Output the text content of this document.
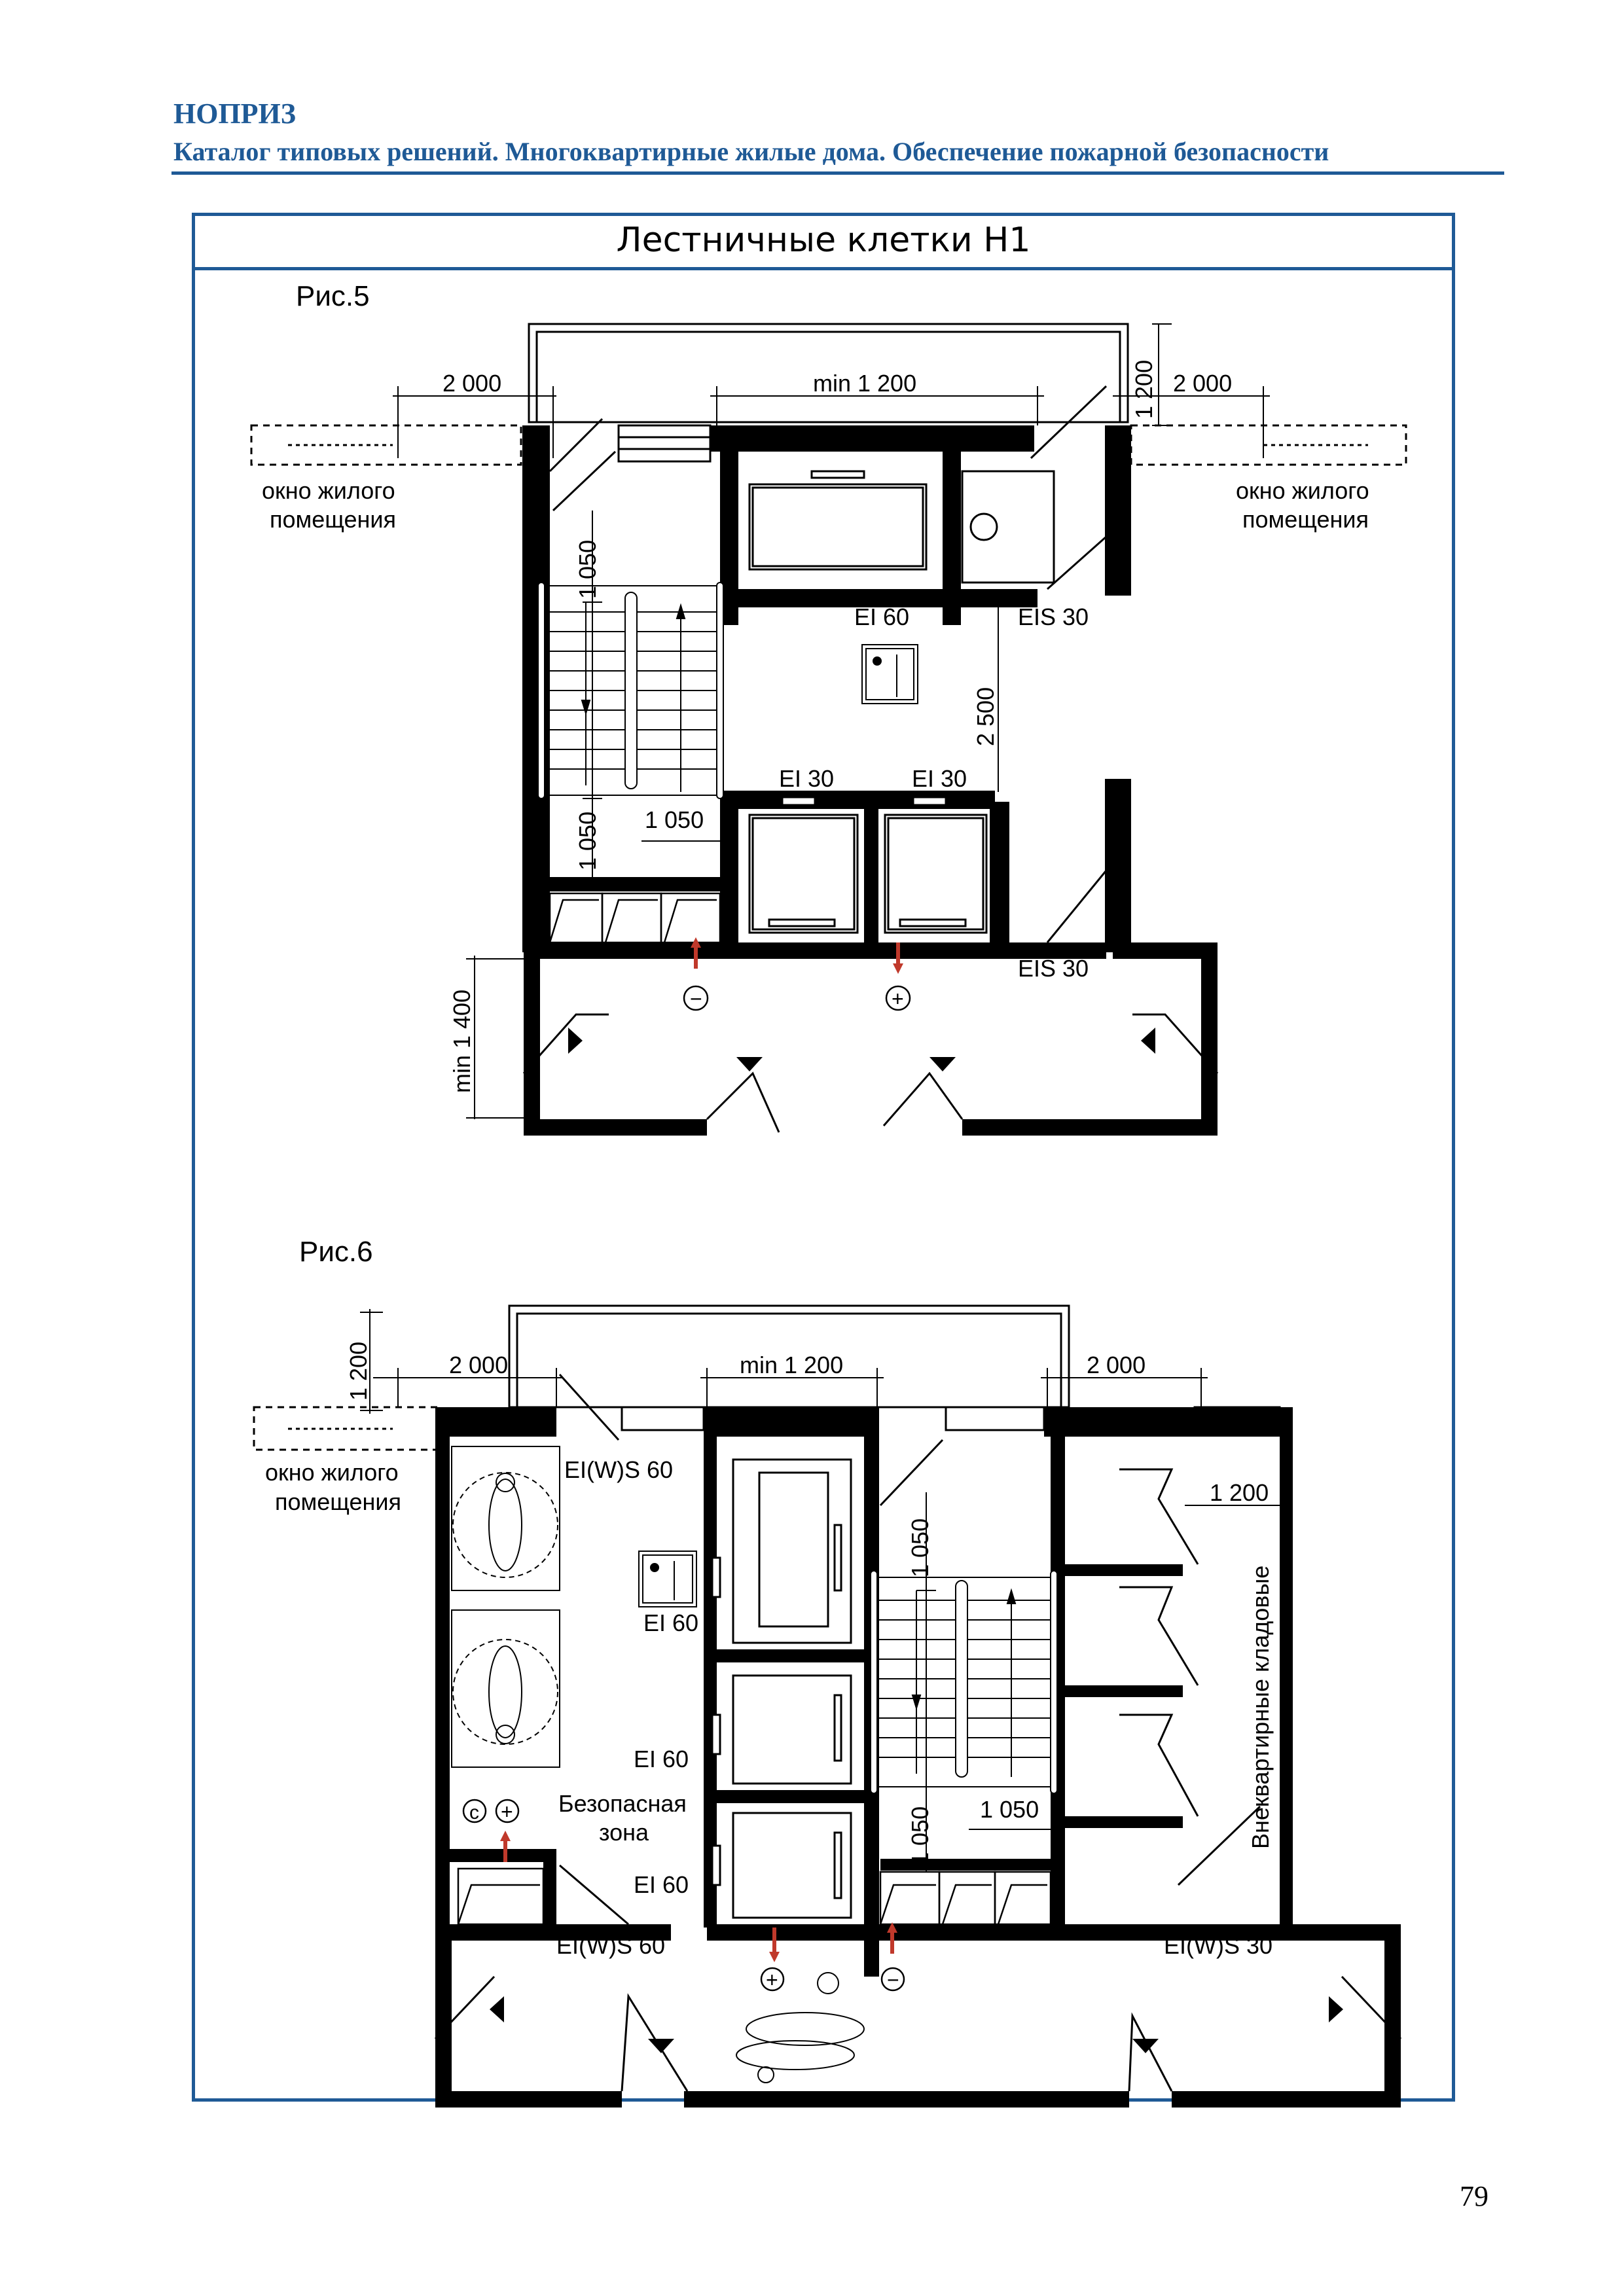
НОПРИЗ
Каталог типовых решений. Многоквартирные жилые дома. Обеспечение пожарной безопасности
Лестничные клетки Н1
Рис.5
Рис.6
2 000	min 1 200	2 000
1 200
окно жилого
помещения
окно жилого
помещения
1 050
1 050 1 050
2 500
EI 60	EIS 30
EI 30	EI 30
EIS 30
min 1 400	−	+
1 200	2 000	min 1 200	2 000
окно жилого
помещения
EI(W)S 60
EI 60
EI 60
Безопасная
зона
EI 60
EI(W)S 60	EI(W)S 30
1 200
1 050
1 050 1 050	Внеквартирные кладовые
c +
+	−
79
